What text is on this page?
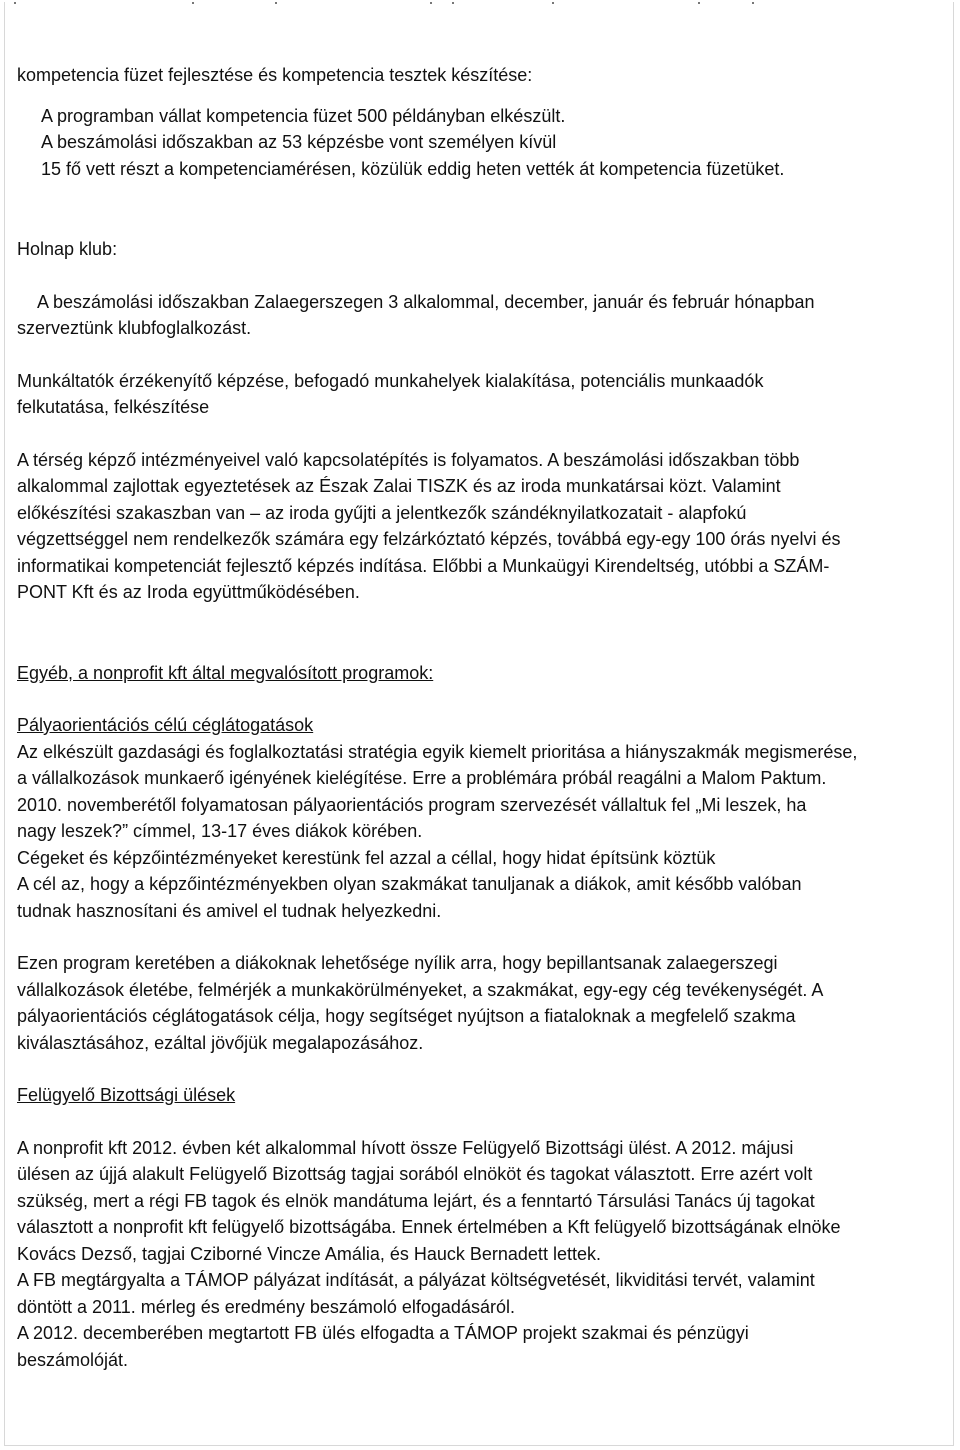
kompetencia füzet fejlesztése és kompetencia tesztek készítése:

A programban vállat kompetencia füzet 500 példányban elkészült.

A beszámolási időszakban az 53 képzésbe vont személyen kívül

15 fő vett részt a kompetenciamérésen, közülük eddig heten vették át kompetencia füzetüket.

Holnap klub:

A beszámolási időszakban Zalaegerszegen 3 alkalommal, december, január és február hónapban

szerveztünk klubfoglalkozást.

Munkáltatók érzékenyítő képzése, befogadó munkahelyek kialakítása, potenciális munkaadók

felkutatása, felkészítése

A térség képző intézményeivel való kapcsolatépítés is folyamatos. A beszámolási időszakban több

alkalommal zajlottak egyeztetések az Észak Zalai TISZK és az iroda munkatársai közt. Valamint

előkészítési szakaszban van – az iroda gyűjti a jelentkezők szándéknyilatkozatait - alapfokú

végzettséggel nem rendelkezők számára egy felzárkóztató képzés, továbbá egy-egy 100 órás nyelvi és

informatikai kompetenciát fejlesztő képzés indítása. Előbbi a Munkaügyi Kirendeltség, utóbbi a SZÁM-

PONT Kft és az Iroda együttműködésében.

Egyéb, a nonprofit kft által megvalósított programok:

Pályaorientációs célú céglátogatások

Az elkészült gazdasági és foglalkoztatási stratégia egyik kiemelt prioritása a hiányszakmák megismerése,

a vállalkozások munkaerő igényének kielégítése. Erre a problémára próbál reagálni a Malom Paktum.

2010. novemberétől folyamatosan pályaorientációs program szervezését vállaltuk fel „Mi leszek, ha

nagy leszek?” címmel, 13-17 éves diákok körében.

Cégeket és képzőintézményeket kerestünk fel azzal a céllal, hogy hidat építsünk köztük

A cél az, hogy a képzőintézményekben olyan szakmákat tanuljanak a diákok, amit később valóban

tudnak hasznosítani és amivel el tudnak helyezkedni.

Ezen program keretében a diákoknak lehetősége nyílik arra, hogy bepillantsanak zalaegerszegi

vállalkozások életébe, felmérjék a munkakörülményeket, a szakmákat, egy-egy cég tevékenységét. A

pályaorientációs céglátogatások célja, hogy segítséget nyújtson a fiataloknak a megfelelő szakma

kiválasztásához, ezáltal jövőjük megalapozásához.

Felügyelő Bizottsági ülések

A nonprofit kft 2012. évben két alkalommal hívott össze Felügyelő Bizottsági ülést. A 2012. májusi

ülésen az újjá alakult Felügyelő Bizottság tagjai sorából elnököt és tagokat választott. Erre azért volt

szükség, mert a régi FB tagok és elnök mandátuma lejárt, és a fenntartó Társulási Tanács új tagokat

választott a nonprofit kft felügyelő bizottságába. Ennek értelmében a Kft felügyelő bizottságának elnöke

Kovács Dezső, tagjai Cziborné Vincze Amália, és Hauck Bernadett lettek.

A FB megtárgyalta a TÁMOP pályázat indítását, a pályázat költségvetését, likviditási tervét, valamint

döntött a 2011. mérleg és eredmény beszámoló elfogadásáról.

A 2012. decemberében megtartott FB ülés elfogadta a TÁMOP projekt szakmai és pénzügyi

beszámolóját.
